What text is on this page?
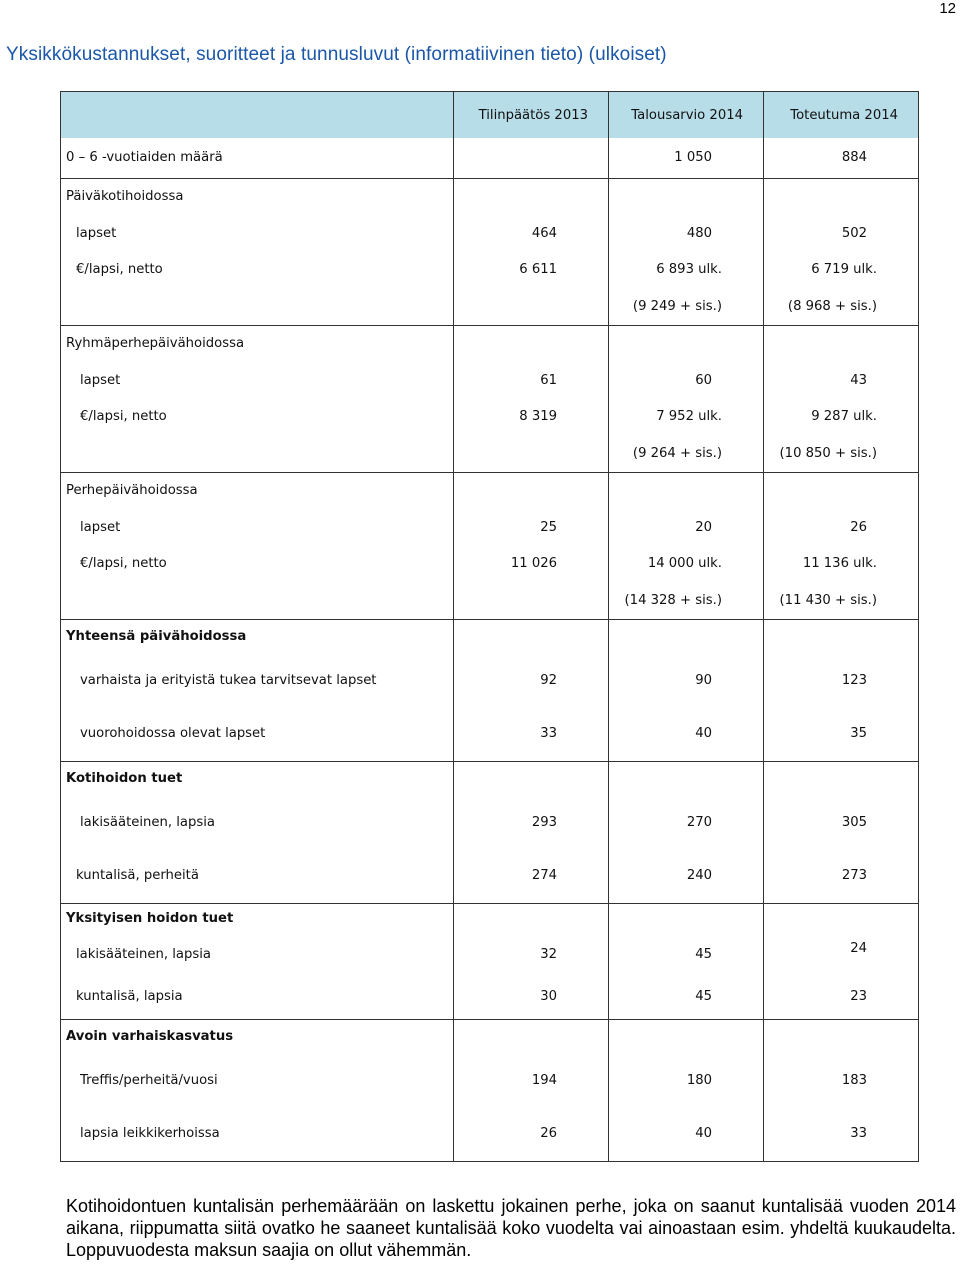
12
Yksikkökustannukset, suoritteet ja tunnusluvut (informatiivinen tieto) (ulkoiset)
	Tilinpäätös 2013	Talousarvio 2014	Toteutuma 2014
0 – 6 -vuotiaiden määrä		1 050	884
Päiväkotihoidossa			
lapset	464	480	502
€/lapsi, netto	6 611	6 893 ulk.	6 719 ulk.
		(9 249 + sis.)	(8 968 + sis.)
Ryhmäperhepäivähoidossa			
lapset	61	60	43
€/lapsi, netto	8 319	7 952 ulk.	9 287 ulk.
		(9 264 + sis.)	(10 850 + sis.)
Perhepäivähoidossa			
lapset	25	20	26
€/lapsi, netto	11 026	14 000 ulk.	11 136 ulk.
		(14 328 + sis.)	(11 430 + sis.)
Yhteensä päivähoidossa			
varhaista ja erityistä tukea tarvitsevat lapset	92	90	123
vuorohoidossa olevat lapset	33	40	35
Kotihoidon tuet			
lakisääteinen, lapsia	293	270	305
kuntalisä, perheitä	274	240	273
Yksityisen hoidon tuet			
lakisääteinen, lapsia	32	45	24
kuntalisä, lapsia	30	45	23
Avoin varhaiskasvatus			
Treffis/perheitä/vuosi	194	180	183
lapsia leikkikerhoissa	26	40	33

Kotihoidontuen kuntalisän perhemäärään on laskettu jokainen perhe, joka on saanut kuntalisää vuoden 2014 aikana, riippumatta siitä ovatko he saaneet kuntalisää koko vuodelta vai ainoastaan esim. yhdeltä kuukaudelta. Loppuvuodesta maksun saajia on ollut vähemmän.
